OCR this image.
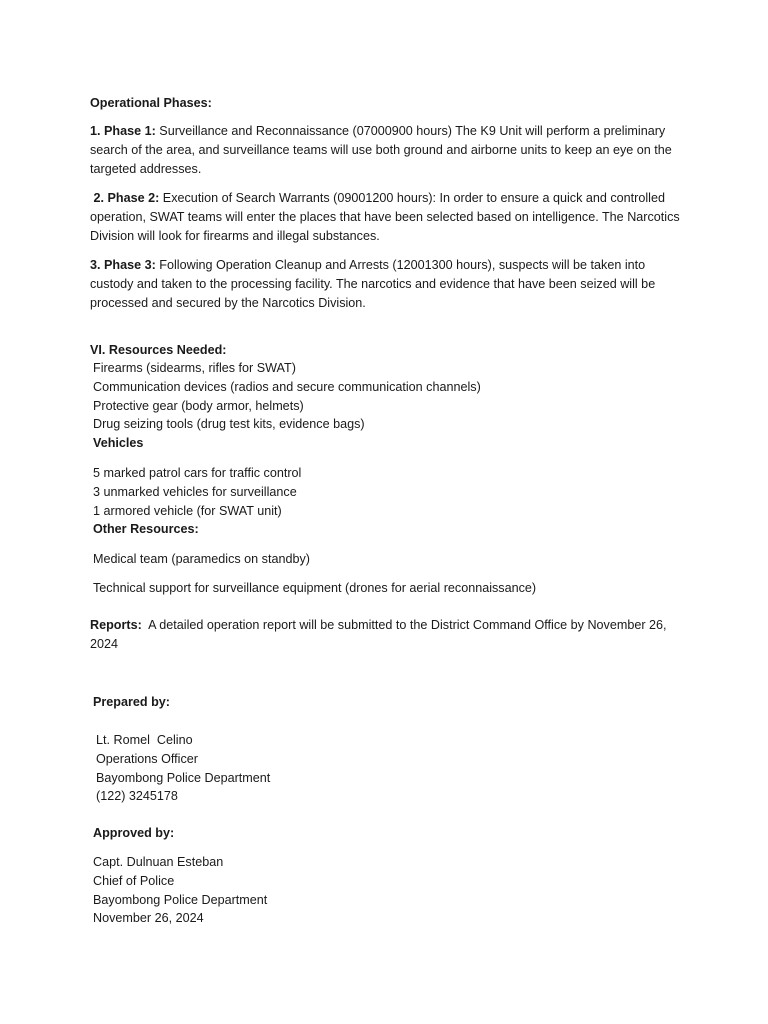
Operational Phases:

1. Phase 1: Surveillance and Reconnaissance (07000900 hours) The K9 Unit will perform a preliminary search of the area, and surveillance teams will use both ground and airborne units to keep an eye on the targeted addresses.

2. Phase 2: Execution of Search Warrants (09001200 hours): In order to ensure a quick and controlled operation, SWAT teams will enter the places that have been selected based on intelligence. The Narcotics Division will look for firearms and illegal substances.

3. Phase 3: Following Operation Cleanup and Arrests (12001300 hours), suspects will be taken into custody and taken to the processing facility. The narcotics and evidence that have been seized will be processed and secured by the Narcotics Division.

VI. Resources Needed:

Firearms (sidearms, rifles for SWAT)

Communication devices (radios and secure communication channels)

Protective gear (body armor, helmets)

Drug seizing tools (drug test kits, evidence bags)

Vehicles

5 marked patrol cars for traffic control

3 unmarked vehicles for surveillance

1 armored vehicle (for SWAT unit)

Other Resources:

Medical team (paramedics on standby)

Technical support for surveillance equipment (drones for aerial reconnaissance)

Reports:  A detailed operation report will be submitted to the District Command Office by November 26, 2024

Prepared by:

Lt. Romel  Celino

Operations Officer

Bayombong Police Department

(122) 3245178

Approved by:

Capt. Dulnuan Esteban

Chief of Police

Bayombong Police Department

November 26, 2024
